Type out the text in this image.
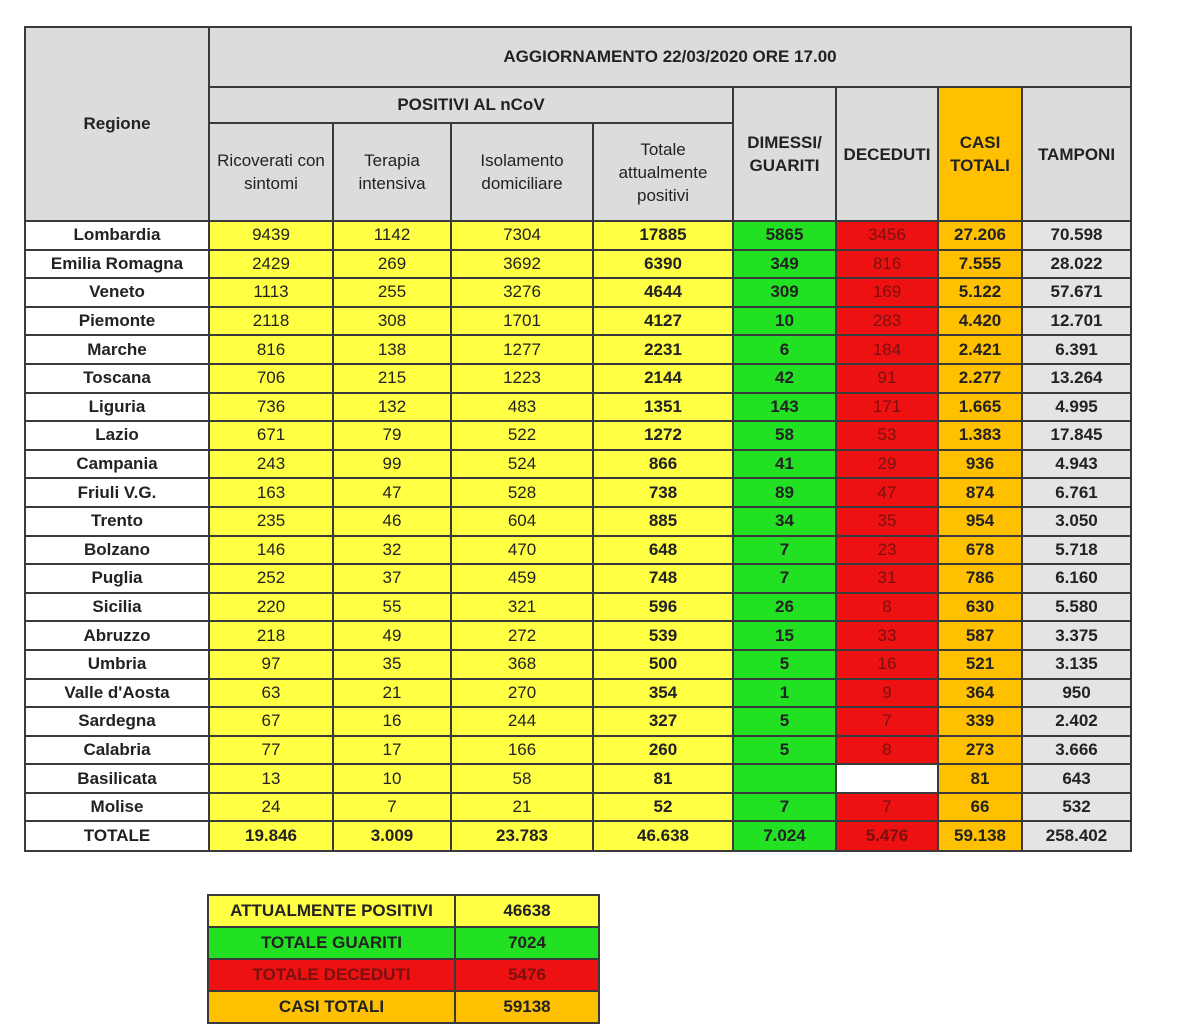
Regione	AGGIORNAMENTO 22/03/2020 ORE 17.00							
	POSITIVI AL nCoV				DIMESSI/ GUARITI	DECEDUTI	CASI TOTALI	TAMPONI
	Ricoverati con sintomi	Terapia intensiva	Isolamento domiciliare	Totale attualmente positivi				
Lombardia	9439	1142	7304	17885	5865	3456	27.206	70.598
Emilia Romagna	2429	269	3692	6390	349	816	7.555	28.022
Veneto	1113	255	3276	4644	309	169	5.122	57.671
Piemonte	2118	308	1701	4127	10	283	4.420	12.701
Marche	816	138	1277	2231	6	184	2.421	6.391
Toscana	706	215	1223	2144	42	91	2.277	13.264
Liguria	736	132	483	1351	143	171	1.665	4.995
Lazio	671	79	522	1272	58	53	1.383	17.845
Campania	243	99	524	866	41	29	936	4.943
Friuli V.G.	163	47	528	738	89	47	874	6.761
Trento	235	46	604	885	34	35	954	3.050
Bolzano	146	32	470	648	7	23	678	5.718
Puglia	252	37	459	748	7	31	786	6.160
Sicilia	220	55	321	596	26	8	630	5.580
Abruzzo	218	49	272	539	15	33	587	3.375
Umbria	97	35	368	500	5	16	521	3.135
Valle d'Aosta	63	21	270	354	1	9	364	950
Sardegna	67	16	244	327	5	7	339	2.402
Calabria	77	17	166	260	5	8	273	3.666
Basilicata	13	10	58	81			81	643
Molise	24	7	21	52	7	7	66	532
TOTALE	19.846	3.009	23.783	46.638	7.024	5.476	59.138	258.402
ATTUALMENTE POSITIVI	46638
TOTALE GUARITI	7024
TOTALE DECEDUTI	5476
CASI TOTALI	59138
